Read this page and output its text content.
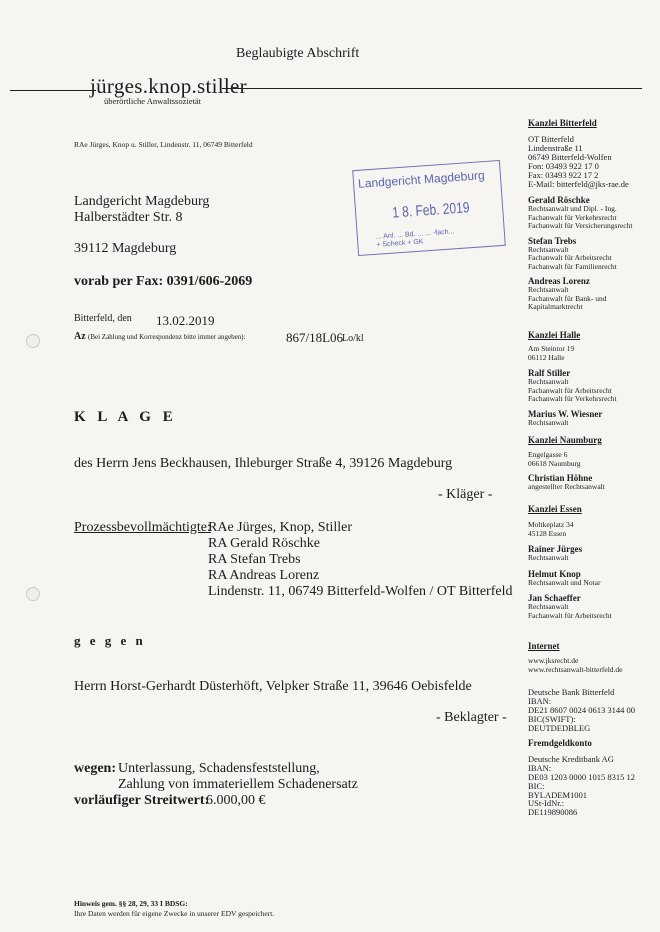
Beglaubigte Abschrift
jürges.knop.stiller
überörtliche Anwaltssozietät
RAe Jürges, Knop u. Stiller, Lindenstr. 11, 06749 Bitterfeld
Landgericht Magdeburg
Halberstädter Str. 8
39112 Magdeburg
vorab per Fax: 0391/606-2069
Landgericht Magdeburg
1 8. Feb. 2019
... Anl. ... Bd. ... ... -fach...
+ Scheck + GK
Bitterfeld, den 13.02.2019
Az (Bei Zahlung und Korrespondenz bitte immer angeben):	867/18L06
Lo/kl
K L A G E
des Herrn Jens Beckhausen, Ihleburger Straße 4, 39126 Magdeburg
- Kläger -
Prozessbevollmächtigte:
RAe Jürges, Knop, Stiller
RA Gerald Röschke
RA Stefan Trebs
RA Andreas Lorenz
Lindenstr. 11, 06749 Bitterfeld-Wolfen / OT Bitterfeld
g e g e n
Herrn Horst-Gerhardt Düsterhöft, Velpker Straße 11, 39646 Oebisfelde
- Beklagter -
wegen: Unterlassung, Schadensfeststellung,
Zahlung von immateriellem Schadenersatz
vorläufiger Streitwert:
6.000,00 €
Hinweis gem. §§ 28, 29, 33 I BDSG:
Ihre Daten werden für eigene Zwecke in unserer EDV gespeichert.
Kanzlei Bitterfeld
OT Bitterfeld
Lindenstraße 11
06749 Bitterfeld-Wolfen
Fon: 03493 922 17 0
Fax: 03493 922 17 2
E-Mail: bitterfeld@jks-rae.de
Gerald Röschke
Rechtsanwalt und Dipl. - Ing.
Fachanwalt für Verkehrsrecht
Fachanwalt für Versicherungsrecht
Stefan Trebs
Rechtsanwalt
Fachanwalt für Arbeitsrecht
Fachanwalt für Familienrecht
Andreas Lorenz
Rechtsanwalt
Fachanwalt für Bank- und
Kapitalmarktrecht
Kanzlei Halle
Am Steintor 19
06112 Halle
Ralf Stiller
Rechtsanwalt
Fachanwalt für Arbeitsrecht
Fachanwalt für Verkehrsrecht
Marius W. Wiesner
Rechtsanwalt
Kanzlei Naumburg
Engelgasse 6
06618 Naumburg
Christian Höhne
angestellter Rechtsanwalt
Kanzlei Essen
Moltkeplatz 34
45128 Essen
Rainer Jürges
Rechtsanwalt
Helmut Knop
Rechtsanwalt und Notar
Jan Schaeffer
Rechtsanwalt
Fachanwalt für Arbeitsrecht
Internet
www.jksrecht.de
www.rechtsanwalt-bitterfeld.de
Deutsche Bank Bitterfeld
IBAN:
DE21 8607 0024 0613 3144 00
BIC(SWIFT):
DEUTDEDBLEG
Fremdgeldkonto
Deutsche Kreditbank AG
IBAN:
DE03 1203 0000 1015 8315 12
BIC:
BYLADEM1001
USt-IdNr.:
DE119890086
